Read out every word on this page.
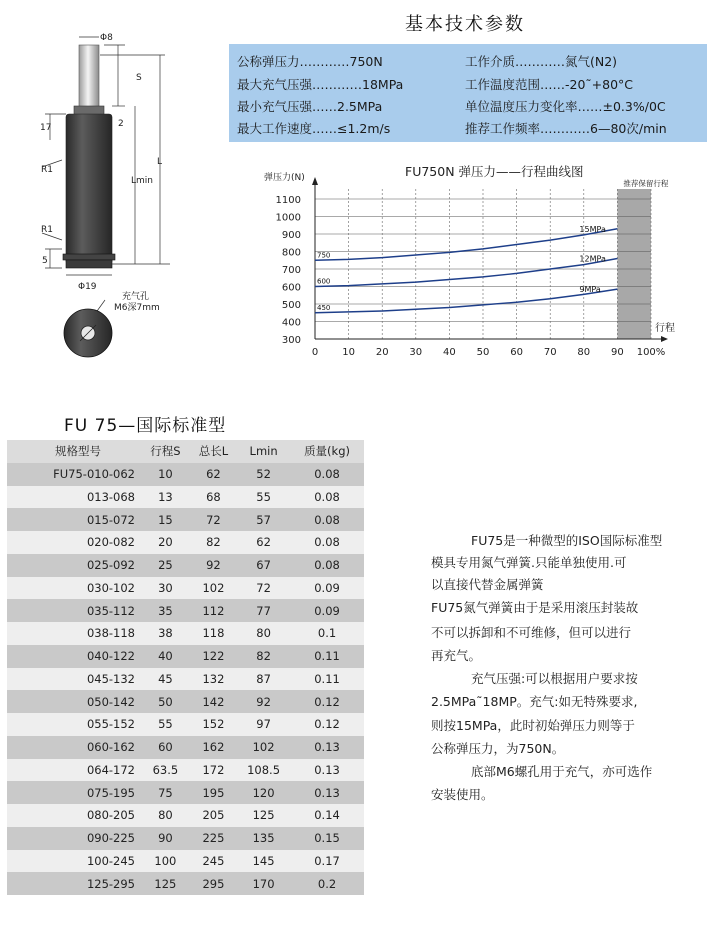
基本技术参数
公称弹压力…………750N	工作介质…………氮气(N2)
最大充气压强…………18MPa	工作温度范围……-20˜+80°C
最小充气压强……2.5MPa	单位温度压力变化率……±0.3%/0C
最大工作速度……≤1.2m/s	推荐工作频率…………6—80次/min
Φ8
S
17	2
R1
L
Lmin
R1
5
Φ19
充气孔
M6深7mm
15MPa
750	12MPa
600
9MPa
450
300
400
500
600
700
800
900
1000
1100
0 10 20 30 40 50 60 70 80 90 100%
FU750N 弹压力——行程曲线图
弹压力(N)
行程
推荐保留行程
FU 75—国际标准型
规格型号	行程S	总长L	Lmin	质量(kg)
FU75-010-062	10	62	52	0.08
013-068	13	68	55	0.08
015-072	15	72	57	0.08
020-082	20	82	62	0.08
025-092	25	92	67	0.08
030-102	30	102	72	0.09
035-112	35	112	77	0.09
038-118	38	118	80	0.1
040-122	40	122	82	0.11
045-132	45	132	87	0.11
050-142	50	142	92	0.12
055-152	55	152	97	0.12
060-162	60	162	102	0.13
064-172	63.5	172	108.5	0.13
075-195	75	195	120	0.13
080-205	80	205	125	0.14
090-225	90	225	135	0.15
100-245	100	245	145	0.17
125-295	125	295	170	0.2
FU75是一种微型的ISO国际标准型
模具专用氮气弹簧.只能单独使用.可
以直接代替金属弹簧
FU75氮气弹簧由于是采用滚压封装故
不可以拆卸和不可维修，但可以进行
再充气。
充气压强:可以根据用户要求按
2.5MPa˜18MP。充气:如无特殊要求,
则按15MPa，此时初始弹压力则等于
公称弹压力，为750N。
底部M6螺孔用于充气，亦可选作
安装使用。
